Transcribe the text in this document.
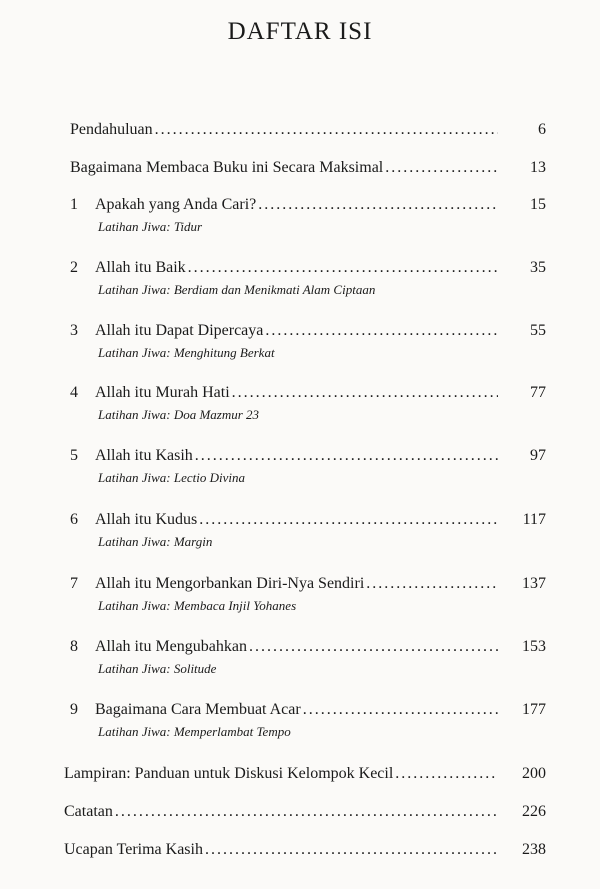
DAFTAR ISI
Pendahuluan . . .	6
Bagaimana Membaca Buku ini Secara Maksimal . . .	13
1	Apakah yang Anda Cari? . . .	15
Latihan Jiwa: Tidur
2	Allah itu Baik . . .	35
Latihan Jiwa: Berdiam dan Menikmati Alam Ciptaan
3	Allah itu Dapat Dipercaya . . .	55
Latihan Jiwa: Menghitung Berkat
4	Allah itu Murah Hati . . .	77
Latihan Jiwa: Doa Mazmur 23
5	Allah itu Kasih . . .	97
Latihan Jiwa: Lectio Divina
6	Allah itu Kudus . . .	117
Latihan Jiwa: Margin
7	Allah itu Mengorbankan Diri-Nya Sendiri . . .	137
Latihan Jiwa: Membaca Injil Yohanes
8	Allah itu Mengubahkan . . .	153
Latihan Jiwa: Solitude
9	Bagaimana Cara Membuat Acar . . .	177
Latihan Jiwa: Memperlambat Tempo
Lampiran: Panduan untuk Diskusi Kelompok Kecil . . .	200
Catatan . . .	226
Ucapan Terima Kasih . . .	238
